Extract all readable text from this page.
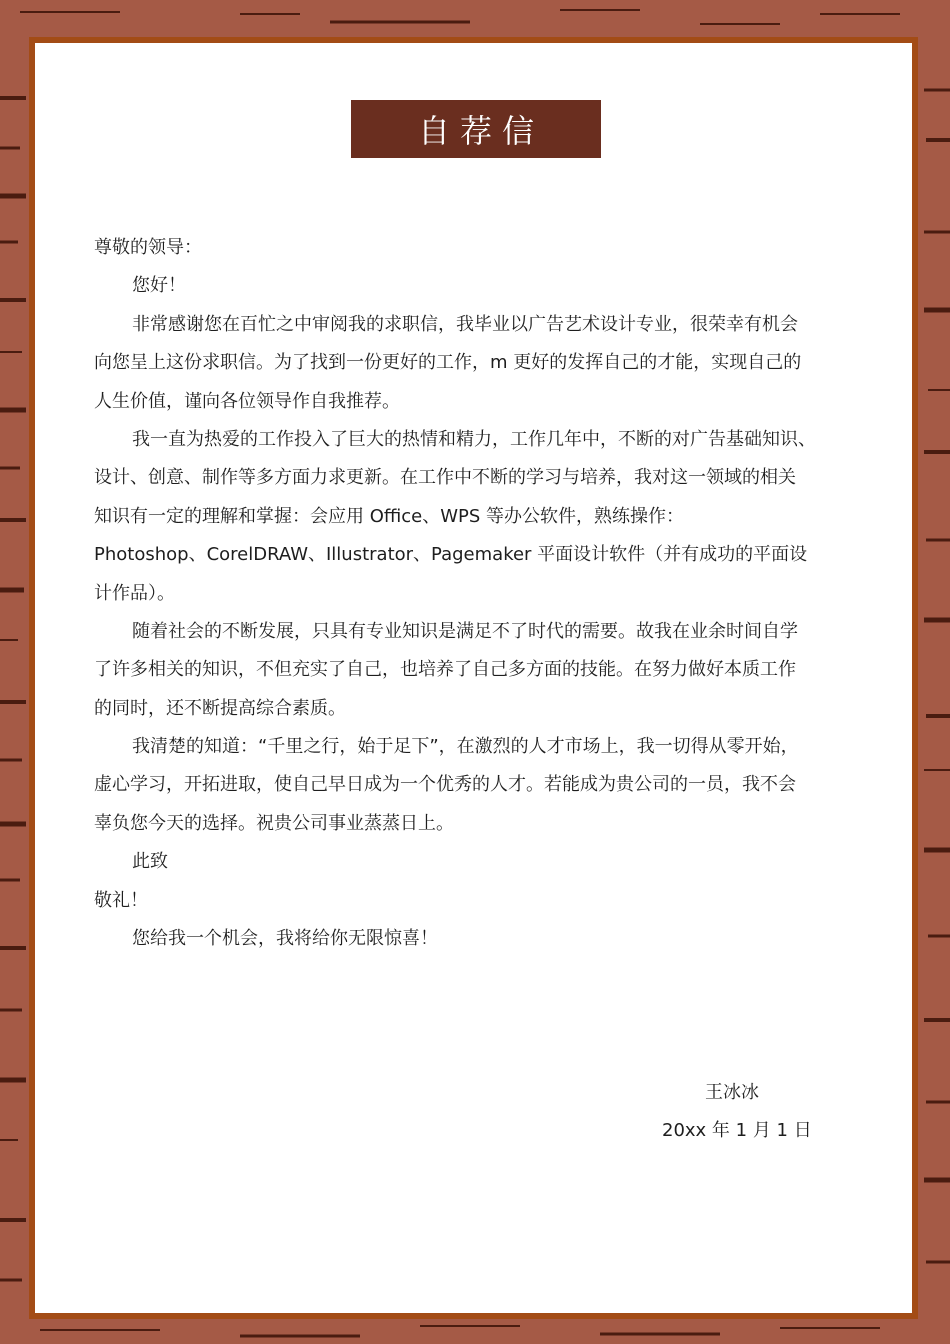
自荐信
尊敬的领导：
您好！
非常感谢您在百忙之中审阅我的求职信，我毕业以广告艺术设计专业，很荣幸有机会
向您呈上这份求职信。为了找到一份更好的工作，m 更好的发挥自己的才能，实现自己的
人生价值，谨向各位领导作自我推荐。
我一直为热爱的工作投入了巨大的热情和精力，工作几年中，不断的对广告基础知识、
设计、创意、制作等多方面力求更新。在工作中不断的学习与培养，我对这一领域的相关
知识有一定的理解和掌握：会应用 Office、WPS 等办公软件，熟练操作：
Photoshop、CorelDRAW、Illustrator、Pagemaker 平面设计软件（并有成功的平面设
计作品）。
随着社会的不断发展，只具有专业知识是满足不了时代的需要。故我在业余时间自学
了许多相关的知识，不但充实了自己，也培养了自己多方面的技能。在努力做好本质工作
的同时，还不断提高综合素质。
我清楚的知道：“千里之行，始于足下”，在激烈的人才市场上，我一切得从零开始，
虚心学习，开拓进取，使自己早日成为一个优秀的人才。若能成为贵公司的一员，我不会
辜负您今天的选择。祝贵公司事业蒸蒸日上。
此致
敬礼！
您给我一个机会，我将给你无限惊喜！
王冰冰
20xx 年 1 月 1 日
